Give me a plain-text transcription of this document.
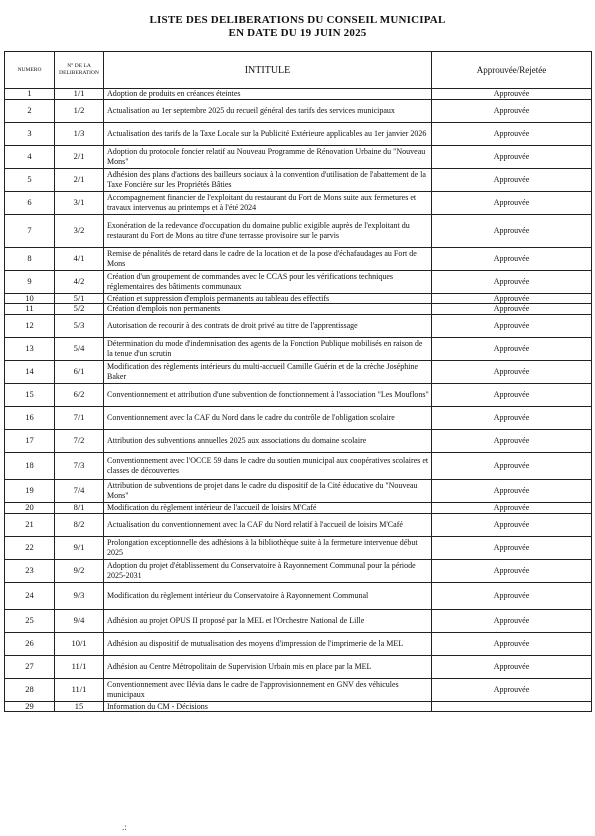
LISTE DES DELIBERATIONS DU CONSEIL MUNICIPAL
EN DATE DU 19 JUIN 2025
NUMERO	N° DE LA DELIBERATION	INTITULE	Approuvée/Rejetée
1	1/1	Adoption de produits en créances éteintes	Approuvée
2	1/2	Actualisation au 1er septembre 2025 du recueil général des tarifs des services municipaux	Approuvée
3	1/3	Actualisation des tarifs de la Taxe Locale sur la Publicité Extérieure applicables au 1er janvier 2026	Approuvée
4	2/1	Adoption du protocole foncier relatif au Nouveau Programme de Rénovation Urbaine du "Nouveau Mons"	Approuvée
5	2/1	Adhésion des plans d'actions des bailleurs sociaux à la convention d'utilisation de l'abattement de la Taxe Foncière sur les Propriétés Bâties	Approuvée
6	3/1	Accompagnement financier de l'exploitant du restaurant du Fort de Mons suite aux fermetures et travaux intervenus au printemps et à l'été 2024	Approuvée
7	3/2	Exonération de la redevance d'occupation du domaine public exigible auprès de l'exploitant du restaurant du Fort de Mons au titre d'une terrasse provisoire sur le parvis	Approuvée
8	4/1	Remise de pénalités de retard dans le cadre de la location et de la pose d'échafaudages au Fort de Mons	Approuvée
9	4/2	Création d'un groupement de commandes avec le CCAS pour les vérifications techniques réglementaires des bâtiments communaux	Approuvée
10	5/1	Création et suppression d'emplois permanents au tableau des effectifs	Approuvée
11	5/2	Création d'emplois non permanents	Approuvée
12	5/3	Autorisation de recourir à des contrats de droit privé au titre de l'apprentissage	Approuvée
13	5/4	Détermination du mode d'indemnisation des agents de la Fonction Publique mobilisés en raison de la tenue d'un scrutin	Approuvée
14	6/1	Modification des règlements intérieurs du multi-accueil Camille Guérin et de la crèche Joséphine Baker	Approuvée
15	6/2	Conventionnement et attribution d'une subvention de fonctionnement à l'association "Les Mouflons"	Approuvée
16	7/1	Conventionnement avec la CAF du Nord dans le cadre du contrôle de l'obligation scolaire	Approuvée
17	7/2	Attribution des subventions annuelles 2025 aux associations du domaine scolaire	Approuvée
18	7/3	Conventionnement avec l'OCCE 59 dans le cadre du soutien municipal aux coopératives scolaires et classes de découvertes	Approuvée
19	7/4	Attribution de subventions de projet dans le cadre du dispositif de la Cité éducative du "Nouveau Mons"	Approuvée
20	8/1	Modification du règlement intérieur de l'accueil de loisirs M'Café	Approuvée
21	8/2	Actualisation du conventionnement avec la CAF du Nord relatif à l'accueil de loisirs M'Café	Approuvée
22	9/1	Prolongation exceptionnelle des adhésions à la bibliothèque suite à la fermeture intervenue début 2025	Approuvée
23	9/2	Adoption du projet d'établissement du Conservatoire à Rayonnement Communal pour la période 2025-2031	Approuvée
24	9/3	Modification du règlement intérieur du Conservatoire à Rayonnement Communal	Approuvée
25	9/4	Adhésion au projet OPUS II proposé par la MEL et l'Orchestre National de Lille	Approuvée
26	10/1	Adhésion au dispositif de mutualisation des moyens d'impression de l'imprimerie de la MEL	Approuvée
27	11/1	Adhésion au Centre Métropolitain de Supervision Urbain mis en place par la MEL	Approuvée
28	11/1	Conventionnement avec Ilévia dans le cadre de l'approvisionnement en GNV des véhicules municipaux	Approuvée
29	15	Information du CM - Décisions	
.:
